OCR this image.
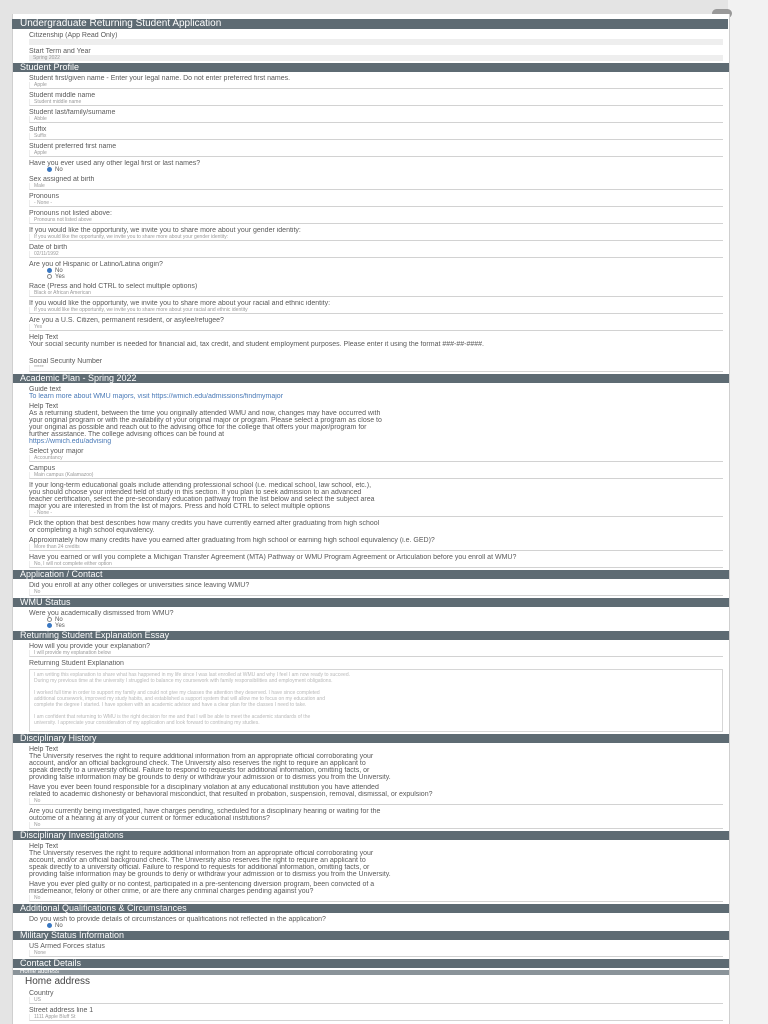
Citizenship (App Read Only)
Start Term and Year
Spring 2022
Student Profile
Student first/given name - Enter your legal name. Do not enter preferred first names.
Apple
Student middle name
Student middle name
Student last/family/surname
Abble
Suffix
Suffix
Student preferred first name
Apple
Have you ever used any other legal first or last names?
No
Sex assigned at birth
Male
Pronouns
- None -
Pronouns not listed above:
Pronouns not listed above
If you would like the opportunity, we invite you to share more about your gender identity:
If you would like the opportunity, we invite you to share more about your gender identity:
Date of birth
02/11/1992
Are you of Hispanic or Latino/Latina origin?
No
Yes
Race (Press and hold CTRL to select multiple options)
Black or African American
If you would like the opportunity, we invite you to share more about your racial and ethnic identity:
If you would like the opportunity, we invite you to share more about your racial and ethnic identity
Are you a U.S. Citizen, permanent resident, or asylee/refugee?
Yes
Help Text
Your social security number is needed for financial aid, tax credit, and student employment purposes. Please enter it using the format ###-##-####.
Social Security Number
*****
Academic Plan - Spring 2022
Guide text
To learn more about WMU majors, visit https://wmich.edu/admissions/findmymajor
Help Text
As a returning student, between the time you originally attended WMU and now, changes may have occurred with
your original program or with the availability of your original major or program. Please select a program as close to
your original as possible and reach out to the advising office for the college that offers your major/program for
further assistance. The college advising offices can be found at
https://wmich.edu/advising
Select your major
Accountancy
Campus
Main campus (Kalamazoo)
If your long-term educational goals include attending professional school (i.e. medical school, law school, etc.),
you should choose your intended field of study in this section. If you plan to seek admission to an advanced
teacher certification, select the pre-secondary education pathway from the list below and select the subject area
major you are interested in from the list of majors. Press and hold CTRL to select multiple options
- None -
Pick the option that best describes how many credits you have currently earned after graduating from high school
or completing a high school equivalency.
Approximately how many credits have you earned after graduating from high school or earning high school equivalency (i.e. GED)?
More than 24 credits
Have you earned or will you complete a Michigan Transfer Agreement (MTA) Pathway or WMU Program Agreement or Articulation before you enroll at WMU?
No, I will not complete either option
Application / Contact
Did you enroll at any other colleges or universities since leaving WMU?
No
WMU Status
Were you academically dismissed from WMU?
No
Yes
Returning Student Explanation Essay
How will you provide your explanation?
I will provide my explanation below
Returning Student Explanation
I am writing this explanation to share what has happened in my life since I was last enrolled at WMU and why I feel I am now ready to succeed.
During my previous time at the university I struggled to balance my coursework with family responsibilities and employment obligations.

I worked full time in order to support my family and could not give my classes the attention they deserved. I have since completed
additional coursework, improved my study habits, and established a support system that will allow me to focus on my education and
complete the degree I started. I have spoken with an academic advisor and have a clear plan for the classes I need to take.

I am confident that returning to WMU is the right decision for me and that I will be able to meet the academic standards of the
university. I appreciate your consideration of my application and look forward to continuing my studies.

Disciplinary History
Help Text
The University reserves the right to require additional information from an appropriate official corroborating your
account, and/or an official background check. The University also reserves the right to require an applicant to
speak directly to a university official. Failure to respond to requests for additional information, omitting facts, or
providing false information may be grounds to deny or withdraw your admission or to dismiss you from the University.
Have you ever been found responsible for a disciplinary violation at any educational institution you have attended
related to academic dishonesty or behavioral misconduct, that resulted in probation, suspension, removal, dismissal, or expulsion?
No
Are you currently being investigated, have charges pending, scheduled for a disciplinary hearing or waiting for the
outcome of a hearing at any of your current or former educational institutions?
No
Disciplinary Investigations
Help Text
The University reserves the right to require additional information from an appropriate official corroborating your
account, and/or an official background check. The University also reserves the right to require an applicant to
speak directly to a university official. Failure to respond to requests for additional information, omitting facts, or
providing false information may be grounds to deny or withdraw your admission or to dismiss you from the University.
Have you ever pled guilty or no contest, participated in a pre-sentencing diversion program, been convicted of a
misdemeanor, felony or other crime, or are there any criminal charges pending against you?
No
Additional Qualifications & Circumstances
Do you wish to provide details of circumstances or qualifications not reflected in the application?
No
Military Status Information
US Armed Forces status
None
Contact Details
Home address
Home address
Country
US
Street address line 1
1111 Apple Bluff St
Undergraduate Returning Student Application
